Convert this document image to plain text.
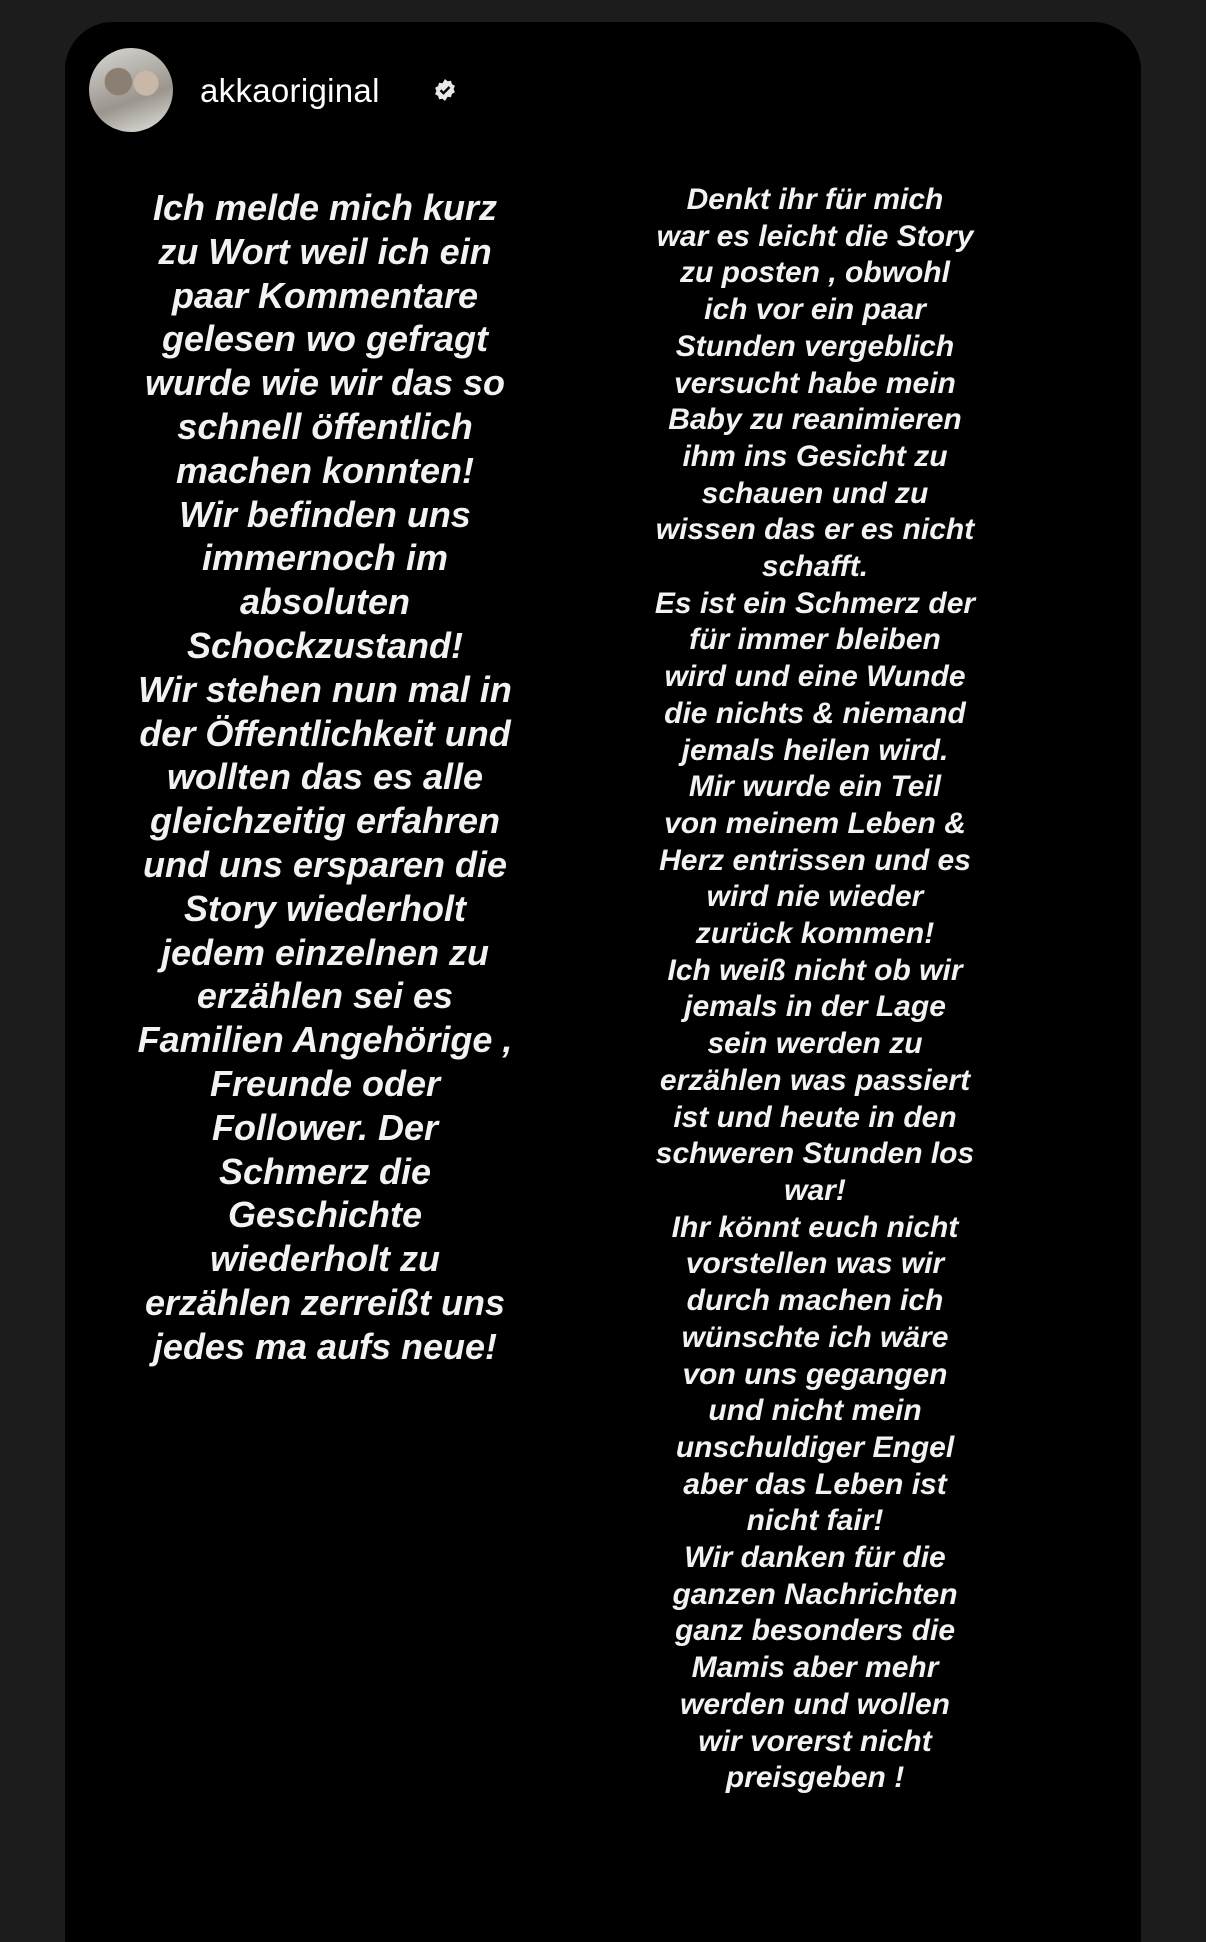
akkaoriginal
Ich melde mich kurz
zu Wort weil ich ein
paar Kommentare
gelesen wo gefragt
wurde wie wir das so
schnell öffentlich
machen konnten!
Wir befinden uns
immernoch im
absoluten
Schockzustand!
Wir stehen nun mal in
der Öffentlichkeit und
wollten das es alle
gleichzeitig erfahren
und uns ersparen die
Story wiederholt
jedem einzelnen zu
erzählen sei es
Familien Angehörige ,
Freunde oder
Follower. Der
Schmerz die
Geschichte
wiederholt zu
erzählen zerreißt uns
jedes ma aufs neue!
Denkt ihr für mich
war es leicht die Story
zu posten , obwohl
ich vor ein paar
Stunden vergeblich
versucht habe mein
Baby zu reanimieren
ihm ins Gesicht zu
schauen und zu
wissen das er es nicht
schafft.
Es ist ein Schmerz der
für immer bleiben
wird und eine Wunde
die nichts & niemand
jemals heilen wird.
Mir wurde ein Teil
von meinem Leben &
Herz entrissen und es
wird nie wieder
zurück kommen!
Ich weiß nicht ob wir
jemals in der Lage
sein werden zu
erzählen was passiert
ist und heute in den
schweren Stunden los
war!
Ihr könnt euch nicht
vorstellen was wir
durch machen ich
wünschte ich wäre
von uns gegangen
und nicht mein
unschuldiger Engel
aber das Leben ist
nicht fair!
Wir danken für die
ganzen Nachrichten
ganz besonders die
Mamis aber mehr
werden und wollen
wir vorerst nicht
preisgeben !
